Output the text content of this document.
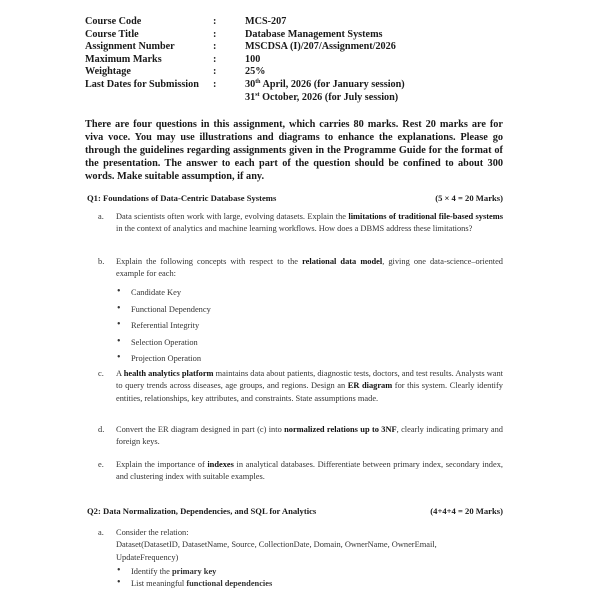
Course Code	:	MCS-207
Course Title	:	Database Management Systems
Assignment Number	:	MSCDSA (I)/207/Assignment/2026
Maximum Marks	:	100
Weightage	:	25%
Last Dates for Submission	:	30th April, 2026 (for January session)
31st October, 2026 (for July session)
There are four questions in this assignment, which carries 80 marks. Rest 20 marks are for viva voce. You may use illustrations and diagrams to enhance the explanations. Please go through the guidelines regarding assignments given in the Programme Guide for the format of the presentation. The answer to each part of the question should be confined to about 300 words. Make suitable assumption, if any.
Q1: Foundations of Data-Centric Database Systems	(5 × 4 = 20 Marks)
a.	Data scientists often work with large, evolving datasets. Explain the limitations of traditional file-based systems in the context of analytics and machine learning workflows. How does a DBMS address these limitations?
b.	Explain the following concepts with respect to the relational data model, giving one data-science–oriented example for each:
• Candidate Key
• Functional Dependency
• Referential Integrity
• Selection Operation
• Projection Operation
c.	A health analytics platform maintains data about patients, diagnostic tests, doctors, and test results. Analysts want to query trends across diseases, age groups, and regions. Design an ER diagram for this system. Clearly identify entities, relationships, key attributes, and constraints. State assumptions made.
d.	Convert the ER diagram designed in part (c) into normalized relations up to 3NF, clearly indicating primary and foreign keys.
e.	Explain the importance of indexes in analytical databases. Differentiate between primary index, secondary index, and clustering index with suitable examples.
Q2: Data Normalization, Dependencies, and SQL for Analytics	(4+4+4 = 20 Marks)
a.	Consider the relation:
Dataset(DatasetID, DatasetName, Source, CollectionDate, Domain, OwnerName, OwnerEmail, UpdateFrequency)
• Identify the primary key
• List meaningful functional dependencies
